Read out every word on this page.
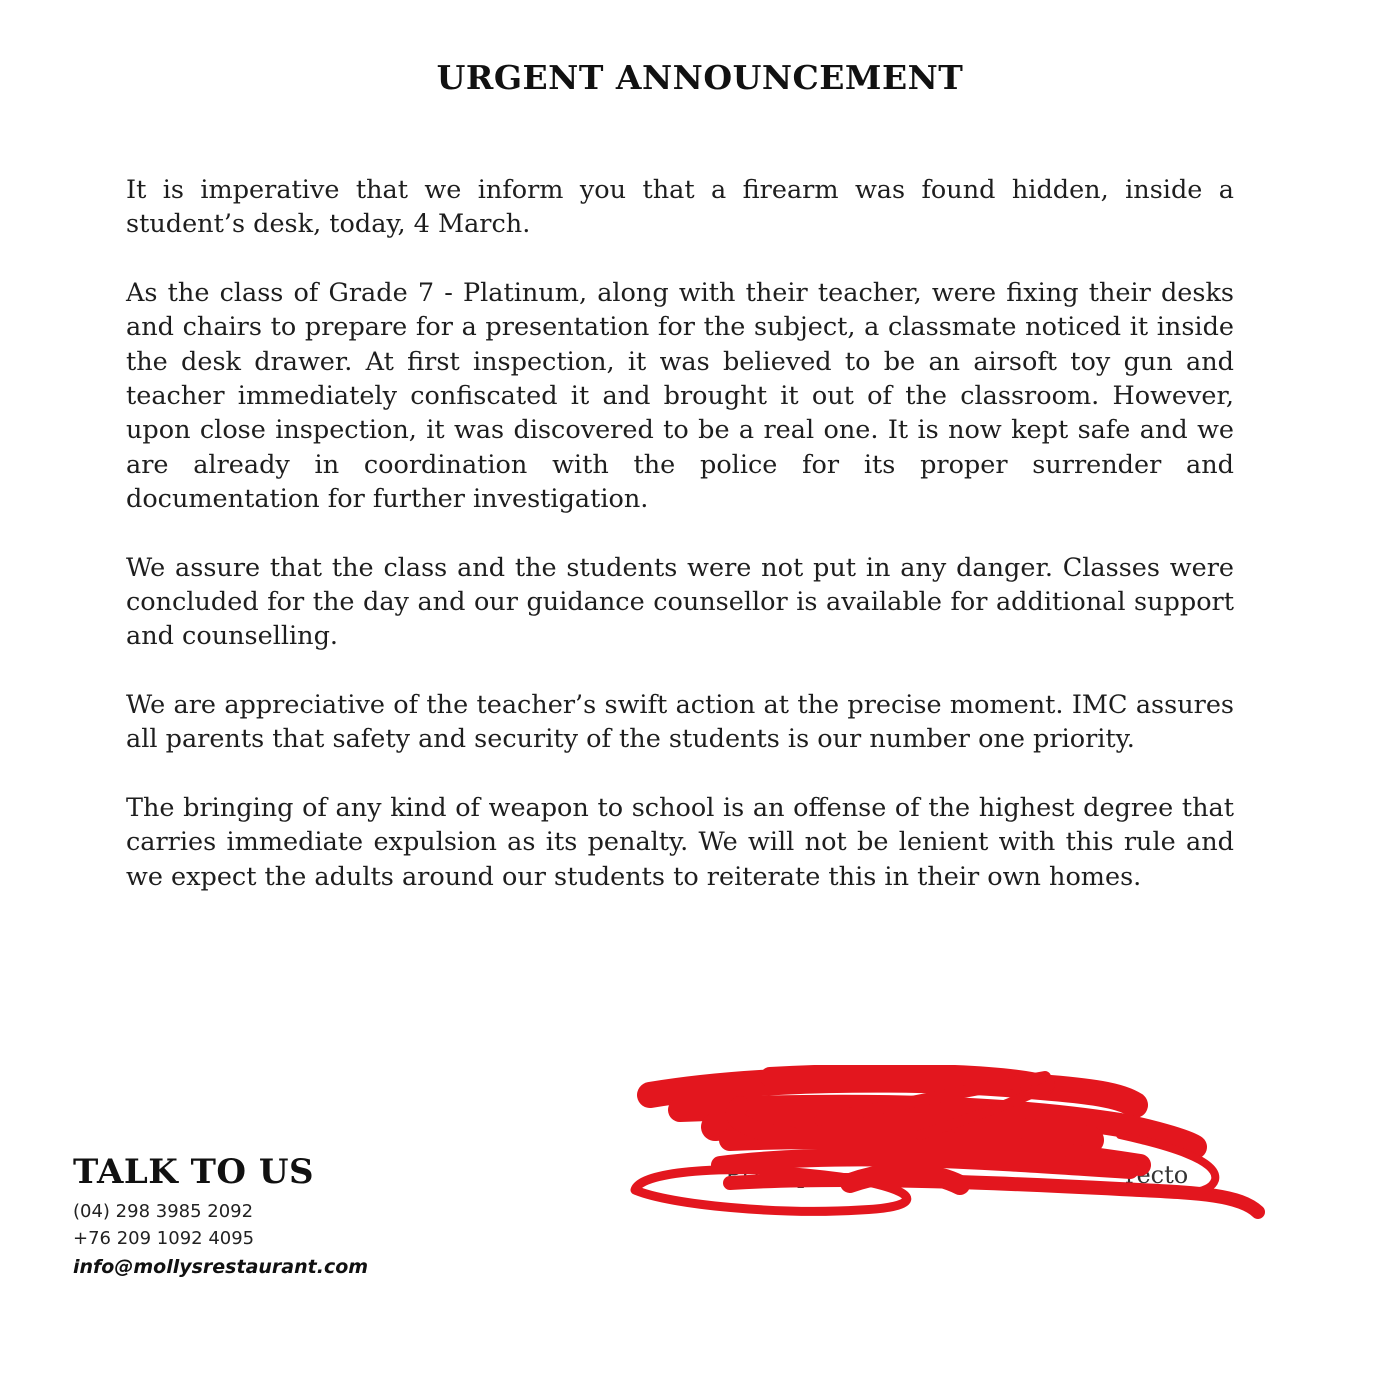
URGENT ANNOUNCEMENT

It is imperative that we inform you that a firearm was found hidden, inside a student’s desk, today, 4 March.

As the class of Grade 7 - Platinum, along with their teacher, were fixing their desks and chairs to prepare for a presentation for the subject, a classmate noticed it inside the desk drawer. At first inspection, it was believed to be an airsoft toy gun and teacher immediately confiscated it and brought it out of the classroom. However, upon close inspection, it was discovered to be a real one. It is now kept safe and we are already in coordination with the police for its proper surrender and documentation for further investigation.

We assure that the class and the students were not put in any danger. Classes were concluded for the day and our guidance counsellor is available for additional support and counselling.

We are appreciative of the teacher’s swift action at the precise moment. IMC assures all parents that safety and security of the students is our number one priority.

The bringing of any kind of weapon to school is an offense of the highest degree that carries immediate expulsion as its penalty. We will not be lenient with this rule and we expect the adults around our students to reiterate this in their own homes.

Principa	recto
ive
TALK TO US
(04) 298 3985 2092
+76 209 1092 4095
info@mollysrestaurant.com
